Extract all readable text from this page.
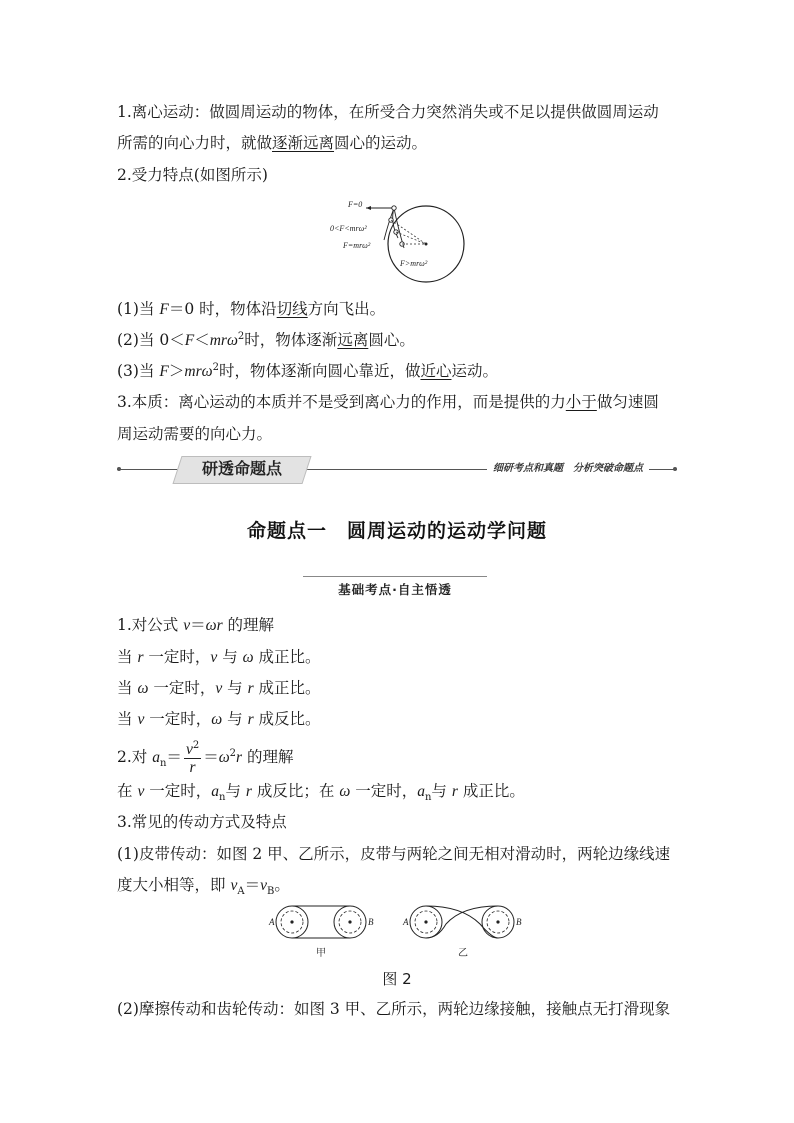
1.离心运动：做圆周运动的物体，在所受合力突然消失或不足以提供做圆周运动
所需的向心力时，就做逐渐远离圆心的运动。
2.受力特点(如图所示)
F=0
0<F<mrω²
F=mrω²
F>mrω²
(1)当 F＝0 时，物体沿切线方向飞出。
(2)当 0＜F＜mrω$^2$时，物体逐渐远离圆心。
(3)当 F＞mrω$^2$时，物体逐渐向圆心靠近，做近心运动。
3.本质：离心运动的本质并不是受到离心力的作用，而是提供的力小于做匀速圆
周运动需要的向心力。
研透命题点	细研考点和真题　分析突破命题点
命题点一　圆周运动的运动学问题
基础考点·自主悟透
1.对公式 v＝ωr 的理解
当 r 一定时，v 与 ω 成正比。
当 ω 一定时，v 与 r 成正比。
当 v 一定时，ω 与 r 成反比。
2.对 $a_n= \frac{v^2}{r} =\omega^2r$ 的理解
在 v 一定时，$a_n$与 r 成反比；在 ω 一定时，$a_n$与 r 成正比。
3.常见的传动方式及特点
(1)皮带传动：如图 2 甲、乙所示，皮带与两轮之间无相对滑动时，两轮边缘线速
度大小相等，即 $v_A=v_B$。
A	B
甲
A	B
乙
图 2
(2)摩擦传动和齿轮传动：如图 3 甲、乙所示，两轮边缘接触，接触点无打滑现象
